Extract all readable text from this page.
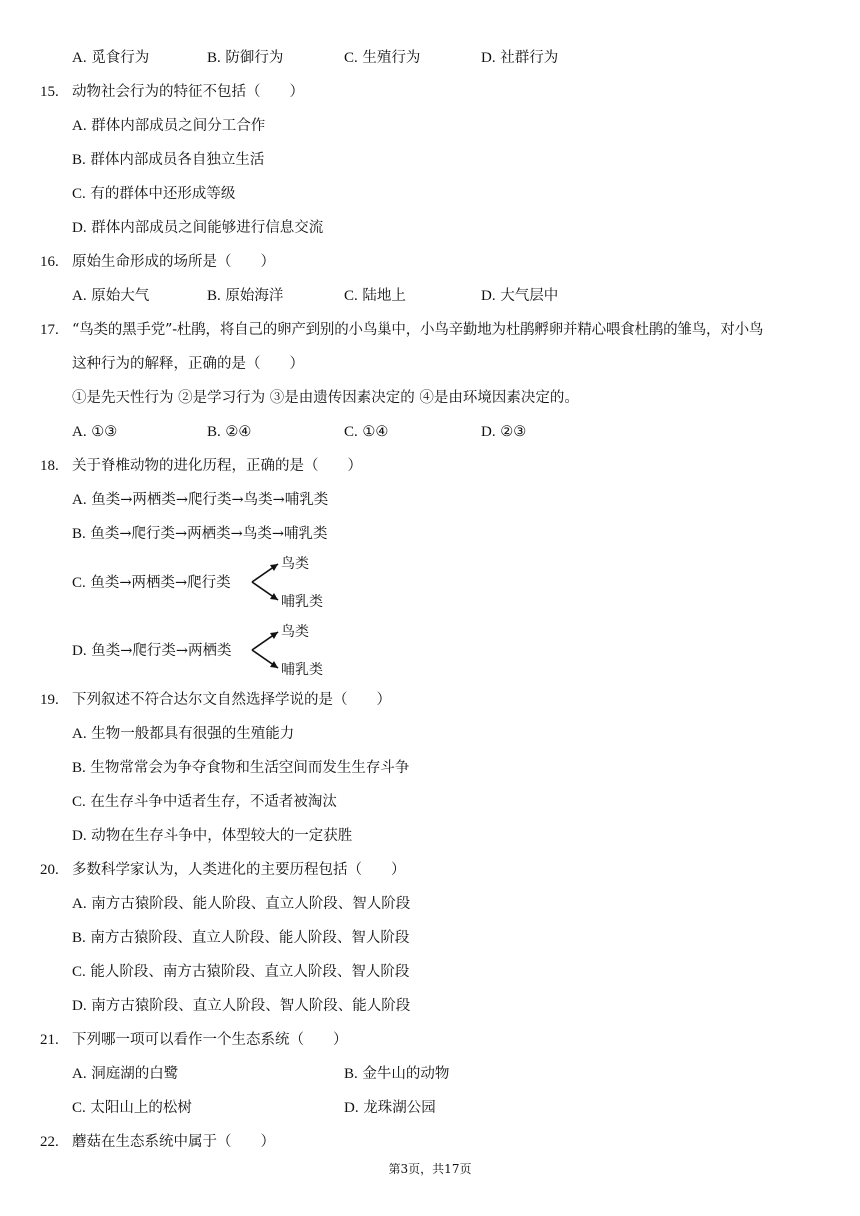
A. 觅食行为	B. 防御行为	C. 生殖行为	D. 社群行为
15. 动物社会行为的特征不包括（　　）
A. 群体内部成员之间分工合作
B. 群体内部成员各自独立生活
C. 有的群体中还形成等级
D. 群体内部成员之间能够进行信息交流
16. 原始生命形成的场所是（　　）
A. 原始大气	B. 原始海洋	C. 陆地上	D. 大气层中
17. “鸟类的黑手党”-杜鹃，将自己的卵产到别的小鸟巢中，小鸟辛勤地为杜鹃孵卵并精心喂食杜鹃的雏鸟，对小鸟
这种行为的解释，正确的是（　　）
①是先天性行为 ②是学习行为 ③是由遗传因素决定的 ④是由环境因素决定的。
A. ①③	B. ②④	C. ①④	D. ②③
18. 关于脊椎动物的进化历程，正确的是（　　）
A. 鱼类→两栖类→爬行类→鸟类→哺乳类
B. 鱼类→爬行类→两栖类→鸟类→哺乳类
C. 鱼类→两栖类→爬行类
鸟类
哺乳类
D. 鱼类→爬行类→两栖类
鸟类
哺乳类
19. 下列叙述不符合达尔文自然选择学说的是（　　）
A. 生物一般都具有很强的生殖能力
B. 生物常常会为争夺食物和生活空间而发生生存斗争
C. 在生存斗争中适者生存，不适者被淘汰
D. 动物在生存斗争中，体型较大的一定获胜
20. 多数科学家认为，人类进化的主要历程包括（　　）
A. 南方古猿阶段、能人阶段、直立人阶段、智人阶段
B. 南方古猿阶段、直立人阶段、能人阶段、智人阶段
C. 能人阶段、南方古猿阶段、直立人阶段、智人阶段
D. 南方古猿阶段、直立人阶段、智人阶段、能人阶段
21. 下列哪一项可以看作一个生态系统（　　）
A. 洞庭湖的白鹭	B. 金牛山的动物
C. 太阳山上的松树	D. 龙珠湖公园
22. 蘑菇在生态系统中属于（　　）
第3页，共17页
